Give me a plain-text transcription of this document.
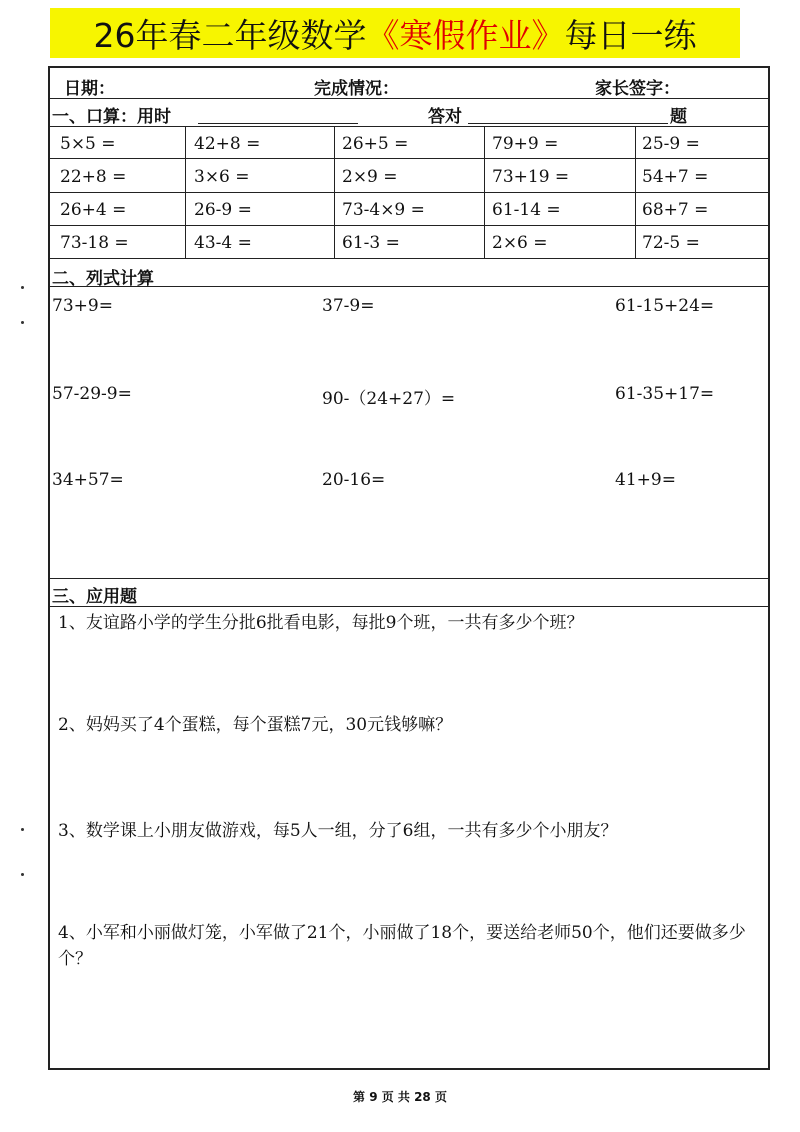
26年春二年级数学 《寒假作业》 每日一练
日期：	完成情况：	家长签字：
一、口算：用时	答对	题
5×5 =	42+8 =	26+5 =	79+9 =	25-9 =
22+8 =	3×6 =	2×9 =	73+19 =	54+7 =
26+4 =	26-9 =	73-4×9 =	61-14 =	68+7 =
73-18 =	43-4 =	61-3 =	2×6 =	72-5 =
二、列式计算
73+9=	37-9=	61-15+24=
57-29-9=	90-（24+27）=	61-35+17=
34+57=	20-16=	41+9=
三、应用题
1、友谊路小学的学生分批6批看电影，每批9个班，一共有多少个班？
2、妈妈买了4个蛋糕，每个蛋糕7元，30元钱够嘛？
3、数学课上小朋友做游戏，每5人一组，分了6组，一共有多少个小朋友？
4、小军和小丽做灯笼，小军做了21个，小丽做了18个，要送给老师50个，他们还要做多少个？
第 9 页 共 28 页
